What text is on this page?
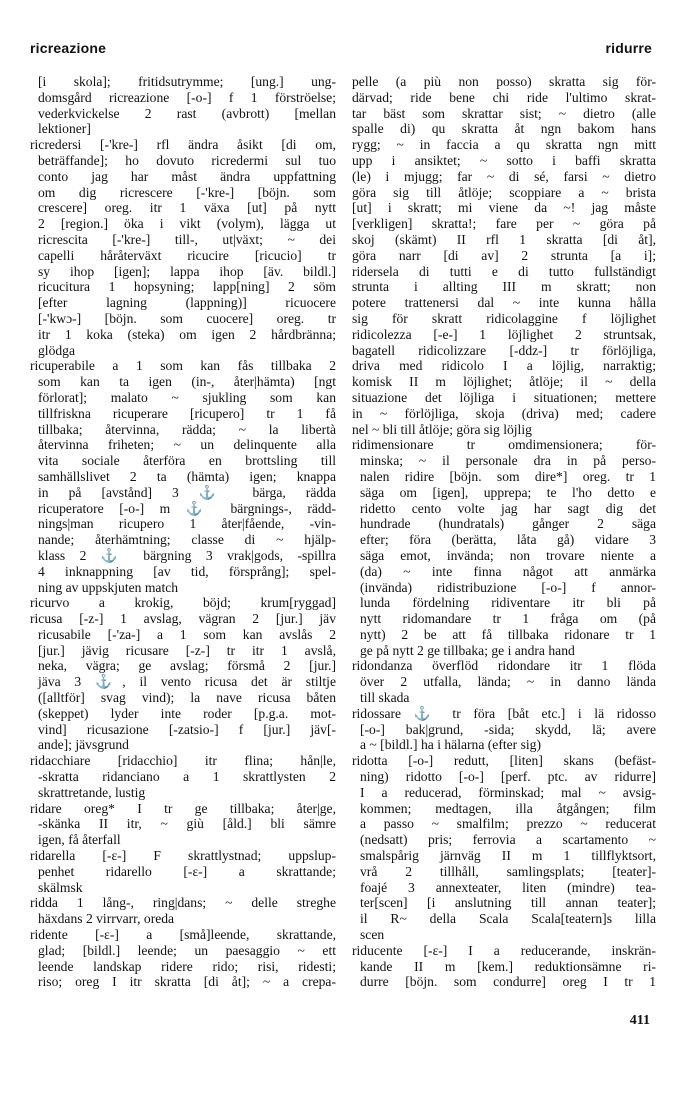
ricreazione	ridurre
[i skola]; fritidsutrymme; [ung.] ung-
domsgård ricreazione [-o-] f 1 förströelse;
vederkvickelse 2 rast (avbrott) [mellan
lektioner]
ricredersi [-'kre-] rfl ändra åsikt [di om,
beträffande]; ho dovuto ricredermi sul tuo
conto jag har måst ändra uppfattning
om dig ricrescere [-'kre-] [böjn. som
crescere] oreg. itr 1 växa [ut] på nytt
2 [region.] öka i vikt (volym), lägga ut
ricrescita [-'kre-] till-, ut|växt; ~ dei
capelli håråterväxt ricucire [ricucio] tr
sy ihop [igen]; lappa ihop [äv. bildl.]
ricucitura 1 hopsyning; lapp[ning] 2 söm
[efter lagning (lappning)] ricuocere
[-'kwɔ-] [böjn. som cuocere] oreg. tr
itr 1 koka (steka) om igen 2 hårdbränna;
glödga
ricuperabile a 1 som kan fås tillbaka 2
som kan ta igen (in-, åter|hämta) [ngt
förlorat]; malato ~ sjukling som kan
tillfriskna ricuperare [ricupero] tr 1 få
tillbaka; återvinna, rädda; ~ la libertà
återvinna friheten; ~ un delinquente alla
vita sociale återföra en brottsling till
samhällslivet 2 ta (hämta) igen; knappa
in på [avstånd] 3 ⚓ bärga, rädda
ricuperatore [-o-] m ⚓ bärgnings-, rädd-
nings|man ricupero 1 åter|fående, -vin-
nande; återhämtning; classe di ~ hjälp-
klass 2 ⚓ bärgning 3 vrak|gods, -spillra
4 inknappning [av tid, försprång]; spel-
ning av uppskjuten match
ricurvo a krokig, böjd; krum[ryggad]
ricusa [-z-] 1 avslag, vägran 2 [jur.] jäv
ricusabile [-'za-] a 1 som kan avslås 2
[jur.] jävig ricusare [-z-] tr itr 1 avslå,
neka, vägra; ge avslag; försmå 2 [jur.]
jäva 3 ⚓, il vento ricusa det är stiltje
([alltför] svag vind); la nave ricusa båten
(skeppet) lyder inte roder [p.g.a. mot-
vind] ricusazione [-zatsio-] f [jur.] jäv[-
ande]; jävsgrund
ridacchiare [ridacchio] itr flina; hån|le,
-skratta ridanciano a 1 skrattlysten 2
skrattretande, lustig
ridare oreg* I tr ge tillbaka; åter|ge,
-skänka II itr, ~ giù [åld.] bli sämre
igen, få återfall
ridarella [-ɛ-] F skrattlystnad; uppslup-
penhet ridarello [-ɛ-] a skrattande;
skälmsk
ridda 1 lång-, ring|dans; ~ delle streghe
häxdans 2 virrvarr, oreda
ridente [-ɛ-] a [små]leende, skrattande,
glad; [bildl.] leende; un paesaggio ~ ett
leende landskap ridere rido; risi, ridesti;
riso; oreg I itr skratta [di åt]; ~ a crepa-
pelle (a più non posso) skratta sig för-
därvad; ride bene chi ride l'ultimo skrat-
tar bäst som skrattar sist; ~ dietro (alle
spalle di) qu skratta åt ngn bakom hans
rygg; ~ in faccia a qu skratta ngn mitt
upp i ansiktet; ~ sotto i baffi skratta
(le) i mjugg; far ~ di sé, farsi ~ dietro
göra sig till åtlöje; scoppiare a ~ brista
[ut] i skratt; mi viene da ~! jag måste
[verkligen] skratta!; fare per ~ göra på
skoj (skämt) II rfl 1 skratta [di åt],
göra narr [di av] 2 strunta [a i];
ridersela di tutti e di tutto fullständigt
strunta i allting III m skratt; non
potere trattenersi dal ~ inte kunna hålla
sig för skratt ridicolaggine f löjlighet
ridicolezza [-e-] 1 löjlighet 2 struntsak,
bagatell ridicolizzare [-ddz-] tr förlöjliga,
driva med ridicolo I a löjlig, narraktig;
komisk II m löjlighet; åtlöje; il ~ della
situazione det löjliga i situationen; mettere
in ~ förlöjliga, skoja (driva) med; cadere
nel ~ bli till åtlöje; göra sig löjlig
ridimensionare tr omdimensionera; för-
minska; ~ il personale dra in på perso-
nalen ridire [böjn. som dire*] oreg. tr 1
säga om [igen], upprepa; te l'ho detto e
ridetto cento volte jag har sagt dig det
hundrade (hundratals) gånger 2 säga
efter; föra (berätta, låta gå) vidare 3
säga emot, invända; non trovare niente a
(da) ~ inte finna något att anmärka
(invända) ridistribuzione [-o-] f annor-
lunda fördelning ridiventare itr bli på
nytt ridomandare tr 1 fråga om (på
nytt) 2 be att få tillbaka ridonare tr 1
ge på nytt 2 ge tillbaka; ge i andra hand
ridondanza överflöd ridondare itr 1 flöda
över 2 utfalla, lända; ~ in danno lända
till skada
ridossare ⚓ tr föra [båt etc.] i lä ridosso
[-o-] bak|grund, -sida; skydd, lä; avere
a ~ [bildl.] ha i hälarna (efter sig)
ridotta [-o-] redutt, [liten] skans (befäst-
ning) ridotto [-o-] [perf. ptc. av ridurre]
I a reducerad, förminskad; mal ~ avsig-
kommen; medtagen, illa åtgången; film
a passo ~ smalfilm; prezzo ~ reducerat
(nedsatt) pris; ferrovia a scartamento ~
smalspårig järnväg II m 1 tillflyktsort,
vrå 2 tillhåll, samlingsplats; [teater]-
foajé 3 annexteater, liten (mindre) tea-
ter[scen] [i anslutning till annan teater];
il R~ della Scala Scala[teatern]s lilla
scen
riducente [-ɛ-] I a reducerande, inskrän-
kande II m [kem.] reduktionsämne ri-
durre [böjn. som condurre] oreg I tr 1
411
